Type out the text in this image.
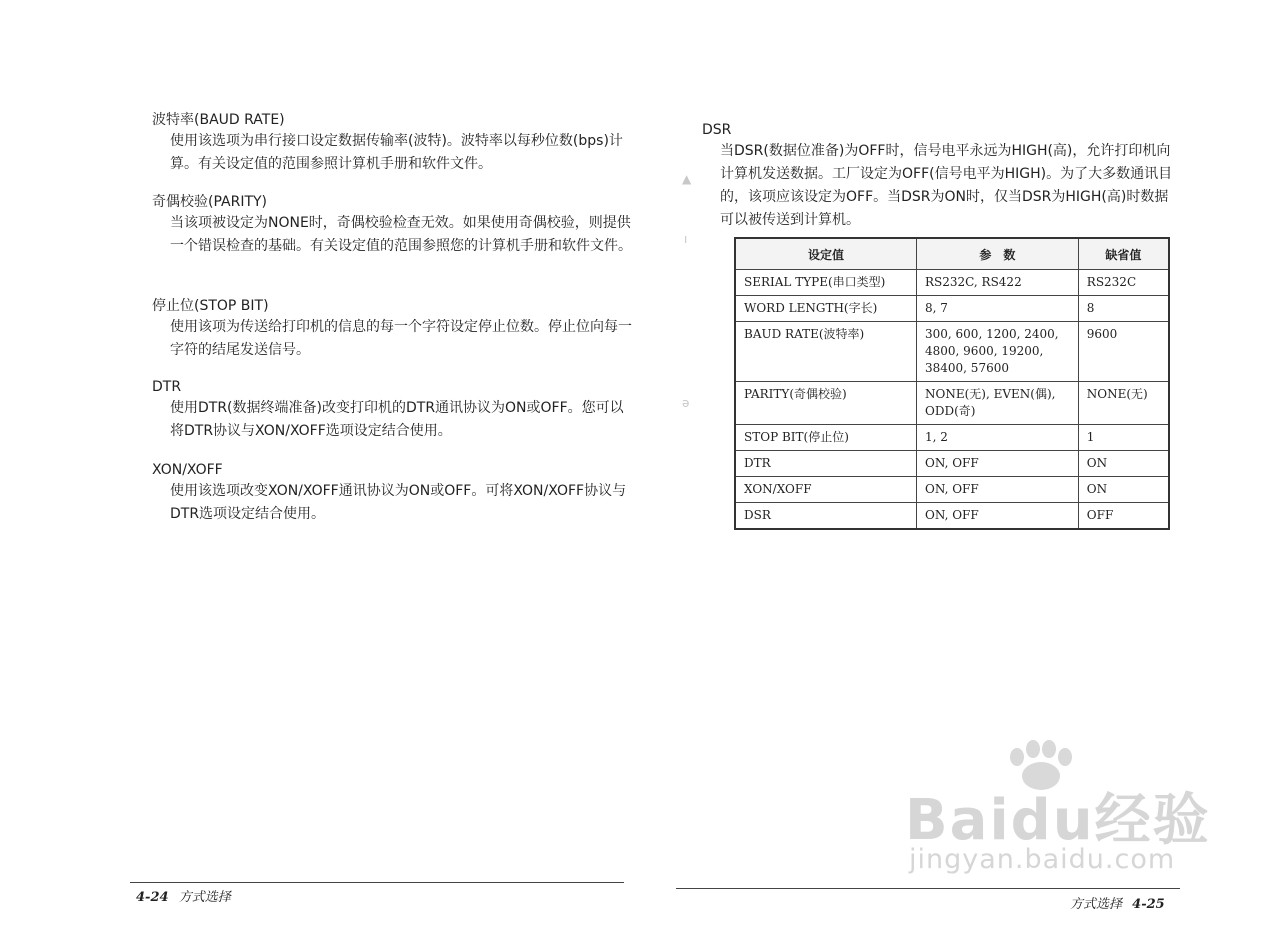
波特率(BAUD RATE)

使用该选项为串行接口设定数据传输率(波特)。波特率以每秒位数(bps)计算。有关设定值的范围参照计算机手册和软件文件。

奇偶校验(PARITY)

当该项被设定为NONE时，奇偶校验检查无效。如果使用奇偶校验，则提供一个错误检查的基础。有关设定值的范围参照您的计算机手册和软件文件。

停止位(STOP BIT)

使用该项为传送给打印机的信息的每一个字符设定停止位数。停止位向每一字符的结尾发送信号。

DTR

使用DTR(数据终端准备)改变打印机的DTR通讯协议为ON或OFF。您可以将DTR协议与XON/XOFF选项设定结合使用。

XON/XOFF

使用该选项改变XON/XOFF通讯协议为ON或OFF。可将XON/XOFF协议与DTR选项设定结合使用。

4-24 方式选择

DSR

当DSR(数据位准备)为OFF时，信号电平永远为HIGH(高)，允许打印机向计算机发送数据。工厂设定为OFF(信号电平为HIGH)。为了大多数通讯目的，该项应该设定为OFF。当DSR为ON时，仅当DSR为HIGH(高)时数据可以被传送到计算机。

设定值	参　数	缺省值
SERIAL TYPE(串口类型)	RS232C, RS422	RS232C
WORD LENGTH(字长)	8, 7	8
BAUD RATE(波特率)	300, 600, 1200, 2400, 4800, 9600, 19200, 38400, 57600	9600
PARITY(奇偶校验)	NONE(无), EVEN(偶), ODD(奇)	NONE(无)
STOP BIT(停止位)	1, 2	1
DTR	ON, OFF	ON
XON/XOFF	ON, OFF	ON
DSR	ON, OFF	OFF
▲
ı
ǝ
方式选择 4-25
Baidu经验
jingyan.baidu.com
